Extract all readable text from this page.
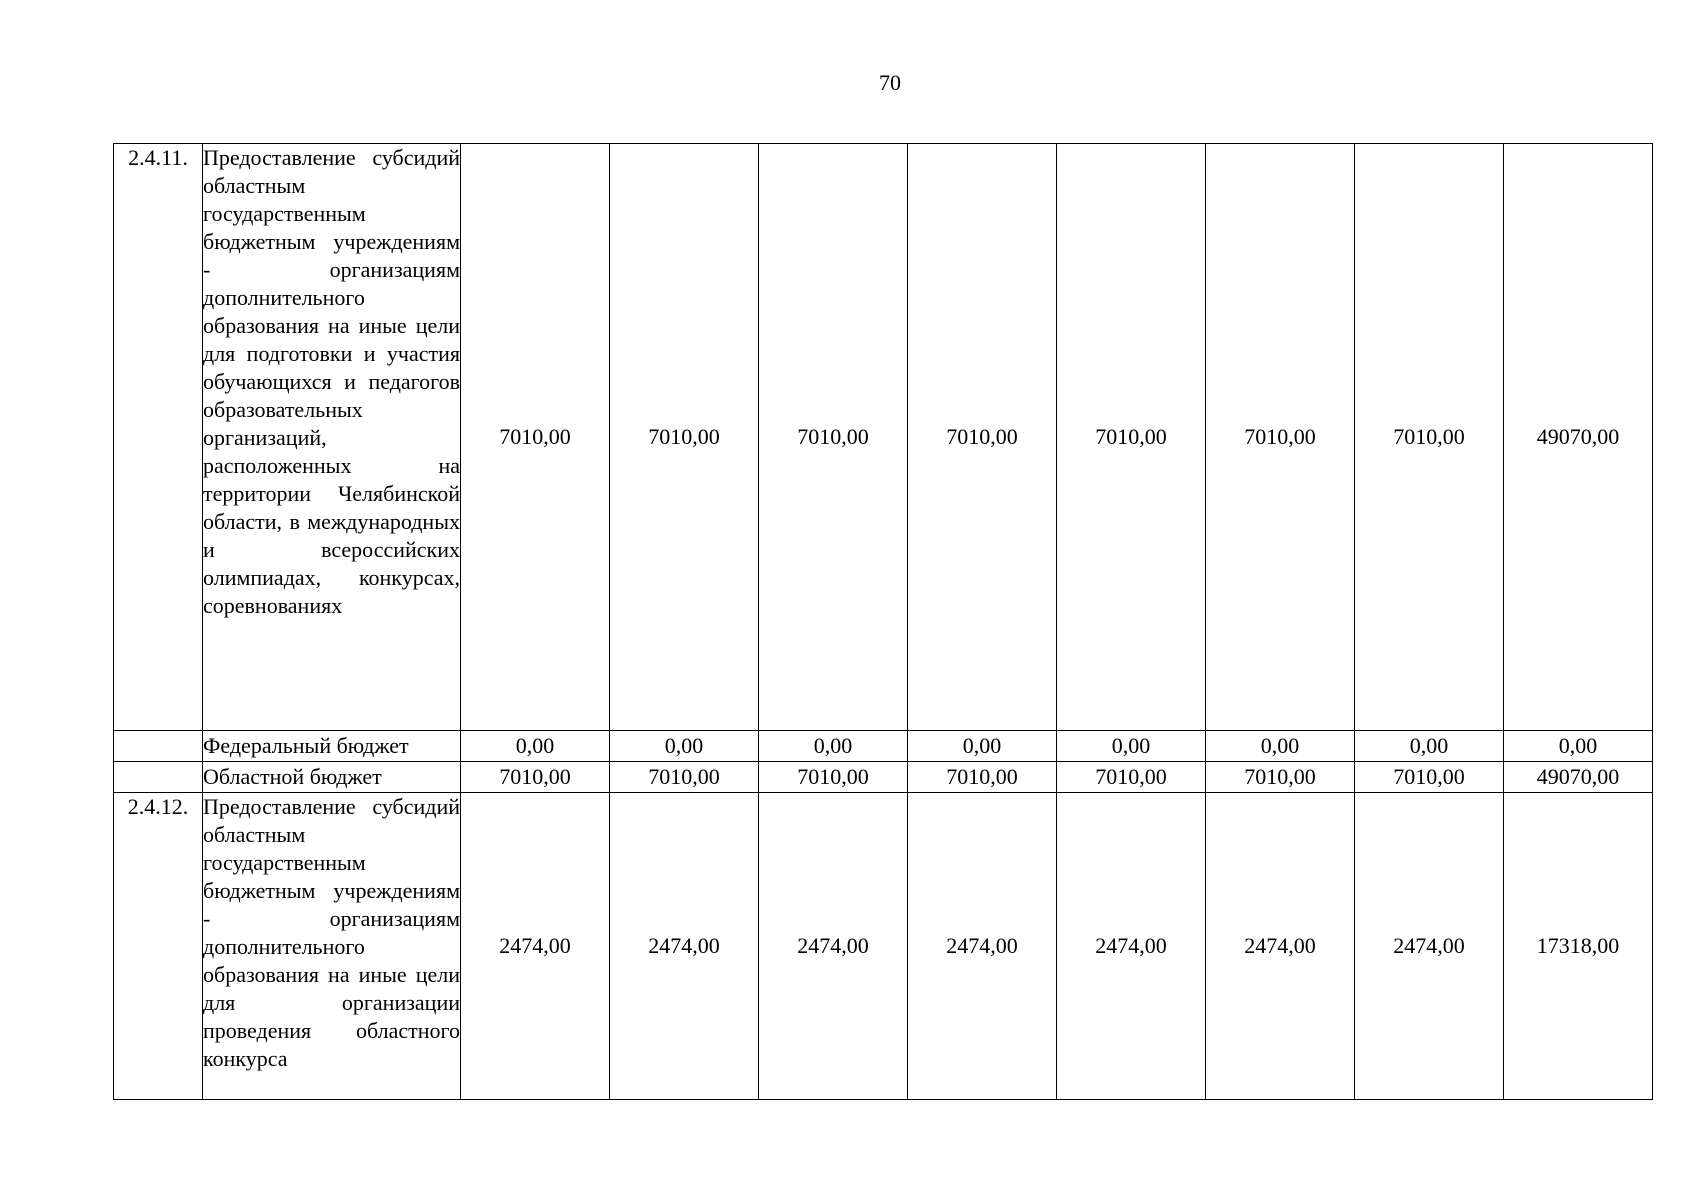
70
2.4.11.	Предоставление субсидий областным государственным бюджетным учреждениям - организациям дополнительного образования на иные цели для подготовки и участия обучающихся и педагогов образовательных организаций, расположенных на территории Челябинской области, в международных и всероссийских олимпиадах, конкурсах, соревнованиях	7010,00	7010,00	7010,00	7010,00	7010,00	7010,00	7010,00	49070,00
	Федеральный бюджет	0,00	0,00	0,00	0,00	0,00	0,00	0,00	0,00
	Областной бюджет	7010,00	7010,00	7010,00	7010,00	7010,00	7010,00	7010,00	49070,00
2.4.12.	Предоставление субсидий областным государственным бюджетным учреждениям - организациям дополнительного образования на иные цели для организации проведения областного конкурса	2474,00	2474,00	2474,00	2474,00	2474,00	2474,00	2474,00	17318,00
